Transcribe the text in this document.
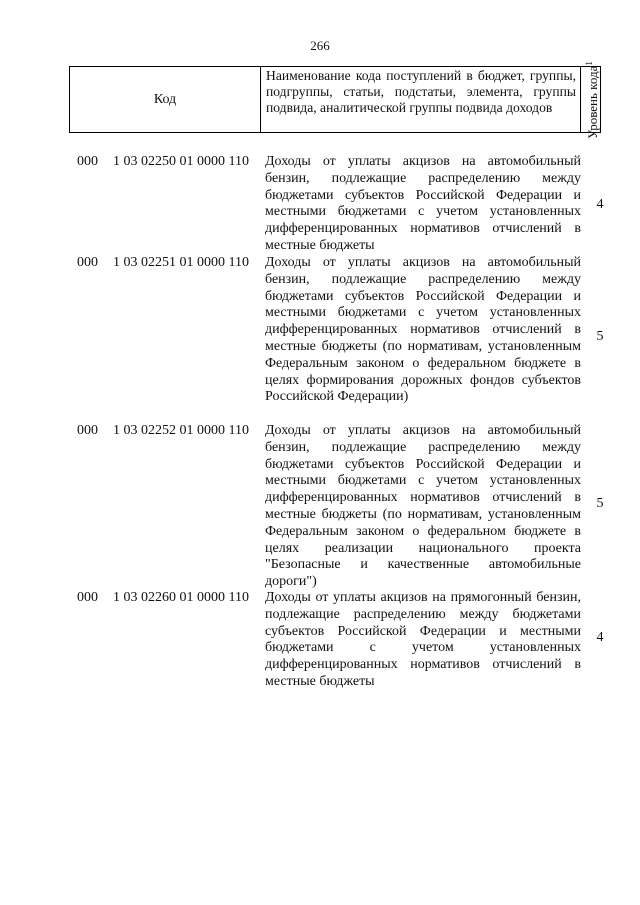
266
Код
Наименование кода поступлений в бюджет, группы, подгруппы, статьи, подстатьи, элемента, группы подвида, аналитической группы подвида доходов	Уровень кода$^1$
000 1 03 02250 01 0000 110 Доходы от уплаты акцизов на автомобильный бензин, подлежащие распределению между бюджетами субъектов Российской Федерации и местными бюджетами с учетом установленных дифференцированных нормативов отчислений в местные бюджеты
4
000 1 03 02251 01 0000 110 Доходы от уплаты акцизов на автомобильный бензин, подлежащие распределению между бюджетами субъектов Российской Федерации и местными бюджетами с учетом установленных дифференцированных нормативов отчислений в местные бюджеты (по нормативам, установленным Федеральным законом о федеральном бюджете в целях формирования дорожных фондов субъектов Российской Федерации)
5
000 1 03 02252 01 0000 110 Доходы от уплаты акцизов на автомобильный бензин, подлежащие распределению между бюджетами субъектов Российской Федерации и местными бюджетами с учетом установленных дифференцированных нормативов отчислений в местные бюджеты (по нормативам, установленным Федеральным законом о федеральном бюджете в целях реализации национального проекта "Безопасные и качественные автомобильные дороги")
5
000 1 03 02260 01 0000 110 Доходы от уплаты акцизов на прямогонный бензин, подлежащие распределению между бюджетами субъектов Российской Федерации и местными бюджетами с учетом установленных дифференцированных нормативов отчислений в местные бюджеты
4
